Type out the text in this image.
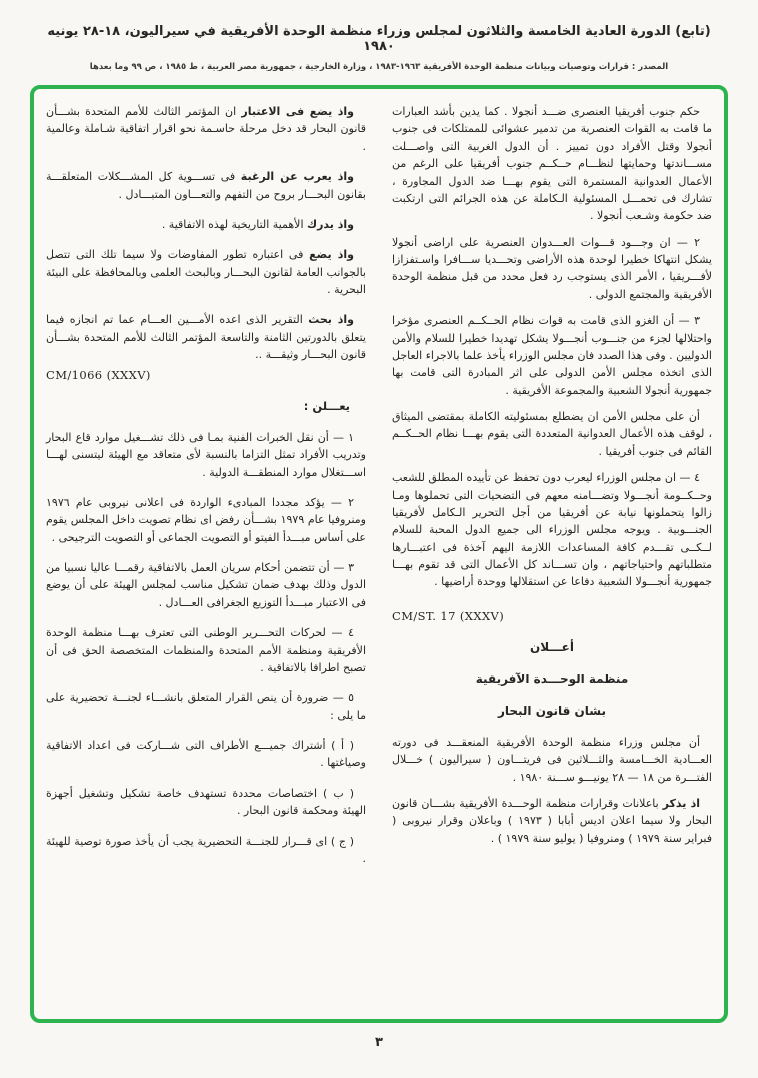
(تابع) الدورة العادية الخامسة والثلاثون لمجلس وزراء منظمة الوحدة الأفريقية في سيراليون، ١٨-٢٨ يونيه ١٩٨٠
المصدر : قرارات وتوصيات وبيانات منظمة الوحدة الأفريقية ١٩٦٣-١٩٨٣ ، وزارة الخارجية ، جمهورية مصر العربية ، ط ١٩٨٥ ، ص ٩٩ وما بعدها

حكم جنوب أفريقيا العنصرى ضـــد أنجولا . كما يدين بأشد العبارات ما قامت به القوات العنصرية من تدمير عشوائى للممتلكات فى جنوب أنجولا وقتل الأفراد دون تمييز . أن الدول الغربية التى واصـــلت مســـاندتها وحمايتها لنظـــام حــكــم جنوب أفريقيا على الرغم من الأعمال العدوانية المستمرة التى يقوم بهـــا ضد الدول المجاورة ، تشارك فى تحمـــل المسئولية الـكاملة عن هذه الجرائم التى ارتكبت ضد حكومة وشـعب أنجولا .

٢ — ان وجـــود قـــوات العـــدوان العنصرية على اراضى أنجولا يشكل انتهاكا خطيرا لوحدة هذه الأراضى وتحـــديا ســـافرا واسـتفزازا لأفـــريقيا ، الأمر الذى يستوجب رد فعل محدد من قبل منظمة الوحدة الأفريقية والمجتمع الدولى .

٣ — أن الغزو الذى قامت به قوات نظام الحــكــم العنصرى مؤخرا واحتلالها لجزء من جنـــوب أنجـــولا يشكل تهديدا خطيرا للسلام والأمن الدوليين . وفى هذا الصدد فان مجلس الوزراء يأخذ علما بالاجراء العاجل الذى اتخذه مجلس الأمن الدولى على اثر المبادرة التى قامت بها جمهورية أنجولا الشعبية والمجموعة الأفريقية .

أن على مجلس الأمن ان يضطلع بمسئوليته الكاملة بمقتضى الميثاق ، لوقف هذه الأعمال العدوانية المتعددة التى يقوم بهـــا نظام الحــكــم القائم فى جنوب أفريقيا .

٤ — ان مجلس الوزراء ليعرب دون تحفظ عن تأييده المطلق للشعب وحــكــومة أنجـــولا وتضـــامنه معهم فى التضحيات التى تحملوها ومـا زالوا يتحملونها نيابة عن أفريقيا من أجل التحرير الـكامل لأفريقيا الجنـــوبية . ويوجه مجلس الوزراء الى جميع الدول المحبة للسلام لــكــى تقـــدم كافة المساعدات اللازمة اليهم آخذة فى اعتبـــارها متطلباتهم واحتياجاتهم ، وان تســـاند كل الأعمال التى قد تقوم بهـــا جمهورية أنجـــولا الشعبية دفاعا عن استقلالها ووحدة أراضيها .

CM/ST. 17 (XXXV)

أعـــلان
منظمة الوحـــدة الآفريقية
بشان قانون البحار

أن مجلس وزراء منظمة الوحدة الأفريقية المنعقـــد فى دورته العـــادية الخـــامسة والثـــلاثين فى فريتـــاون ( سيراليون ) خـــلال الفتـــرة من ١٨ — ٢٨ يونيـــو ســـنة ١٩٨٠ .

اذ يذكر باعلانات وقرارات منظمة الوحـــدة الأفريقية بشـــان قانون البحار ولا سيما اعلان اديس أبابا ( ١٩٧٣ ) وباعلان وقرار نيروبى ( فبراير سنة ١٩٧٩ ) ومنروفيا ( يوليو سنة ١٩٧٩ ) .

واذ يضع فى الاعتبار ان المؤتمر الثالث للأمم المتحدة بشـــأن قانون البحار قد دخل مرحلة حاسـمة نحو اقرار اتفاقية شـاملة وعالمية .

واذ يعرب عن الرغبة فى تســـوية كل المشـــكلات المتعلقـــة بقانون البحـــار بروح من التفهم والتعـــاون المتبـــادل .

واذ يدرك الأهمية التاريخية لهذه الاتفاقية .

واذ يضع فى اعتباره تطور المفاوضات ولا سيما تلك التى تتصل بالجوانب العامة لقانون البحـــار وبالبحث العلمى وبالمحافظة على البيئة البحرية .

واذ بحث التقرير الذى اعده الأمـــين العـــام عما تم انجازه فيما يتعلق بالدورتين الثامنة والتاسعة المؤتمر الثالث للأمم المتحدة بشـــأن قانون البحـــار وثيقـــة ..
CM/1066 (XXXV)

يعـــلن :

١ — أن نقل الخبرات الفنية بمـا فى ذلك تشـــغيل موارد قاع البحار وتدريب الأفراد تمثل التزاما بالنسبة لأى متعاقد مع الهيئة ليتسنى لهـــا اســـتغلال موارد المنطقـــة الدولية .

٢ — يؤكد مجددا المبادىء الواردة فى اعلانى نيروبى عام ١٩٧٦ ومنروفيا عام ١٩٧٩ بشـــأن رفض اى نظام تصويت داخل المجلس يقوم على أساس مبـــدأ الفيتو أو التصويت الجماعى أو التصويت الترجيحى .

٣ — أن تتضمن أحكام سريان العمل بالاتفاقية رقمـــا عاليا نسبيا من الدول وذلك بهدف ضمان تشكيل مناسب لمجلس الهيئة على أن يوضع فى الاعتبار مبـــدأ التوزيع الجغرافى العـــادل .

٤ — لحركات التحـــرير الوطنى التى تعترف بهـــا منظمة الوحدة الأفريقية ومنظمة الأمم المتحدة والمنظمات المتخصصة الحق فى أن تصبح اطرافا بالاتفاقية .

٥ — ضرورة أن ينص القرار المتعلق بانشـــاء لجنـــة تحضيرية على ما يلى :

( أ ) أشتراك جميـــع الأطراف التى شـــاركت فى اعداد الاتفاقية وصياغتها .

( ب ) اختصاصات محددة تستهدف خاصة تشكيل وتشغيل أجهزة الهيئة ومحكمة قانون البحار .

( ج ) اى قـــرار للجنـــة التحضيرية يجب أن يأخذ صورة توصية للهيئة .

٣
